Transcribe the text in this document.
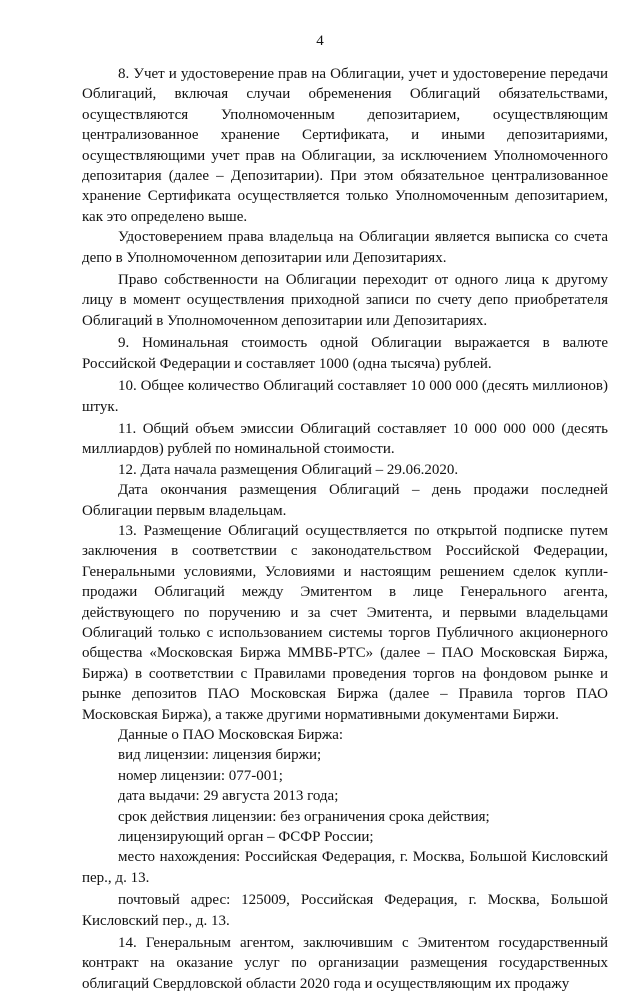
4

8. Учет и удостоверение прав на Облигации, учет и удостоверение передачи Облигаций, включая случаи обременения Облигаций обязательствами, осуществляются Уполномоченным депозитарием, осуществляющим централизованное хранение Сертификата, и иными депозитариями, осуществляющими учет прав на Облигации, за исключением Уполномоченного депозитария (далее – Депозитарии). При этом обязательное централизованное хранение Сертификата осуществляется только Уполномоченным депозитарием, как это определено выше.

Удостоверением права владельца на Облигации является выписка со счета депо в Уполномоченном депозитарии или Депозитариях.

Право собственности на Облигации переходит от одного лица к другому лицу в момент осуществления приходной записи по счету депо приобретателя Облигаций в Уполномоченном депозитарии или Депозитариях.

9. Номинальная стоимость одной Облигации выражается в валюте Российской Федерации и составляет 1000 (одна тысяча) рублей.

10. Общее количество Облигаций составляет 10 000 000 (десять миллионов) штук.

11. Общий объем эмиссии Облигаций составляет 10 000 000 000 (десять миллиардов) рублей по номинальной стоимости.

12. Дата начала размещения Облигаций – 29.06.2020.

Дата окончания размещения Облигаций – день продажи последней Облигации первым владельцам.

13. Размещение Облигаций осуществляется по открытой подписке путем заключения в соответствии с законодательством Российской Федерации, Генеральными условиями, Условиями и настоящим решением сделок купли-продажи Облигаций между Эмитентом в лице Генерального агента, действующего по поручению и за счет Эмитента, и первыми владельцами Облигаций только с использованием системы торгов Публичного акционерного общества «Московская Биржа ММВБ-РТС» (далее – ПАО Московская Биржа, Биржа) в соответствии с Правилами проведения торгов на фондовом рынке и рынке депозитов ПАО Московская Биржа (далее – Правила торгов ПАО Московская Биржа), а также другими нормативными документами Биржи.

Данные о ПАО Московская Биржа:

вид лицензии: лицензия биржи;

номер лицензии: 077-001;

дата выдачи: 29 августа 2013 года;

срок действия лицензии: без ограничения срока действия;

лицензирующий орган – ФСФР России;

место нахождения: Российская Федерация, г. Москва, Большой Кисловский пер., д. 13.

почтовый адрес: 125009, Российская Федерация, г. Москва, Большой Кисловский пер., д. 13.

14. Генеральным агентом, заключившим с Эмитентом государственный контракт на оказание услуг по организации размещения государственных облигаций Свердловской области 2020 года и осуществляющим их продажу
